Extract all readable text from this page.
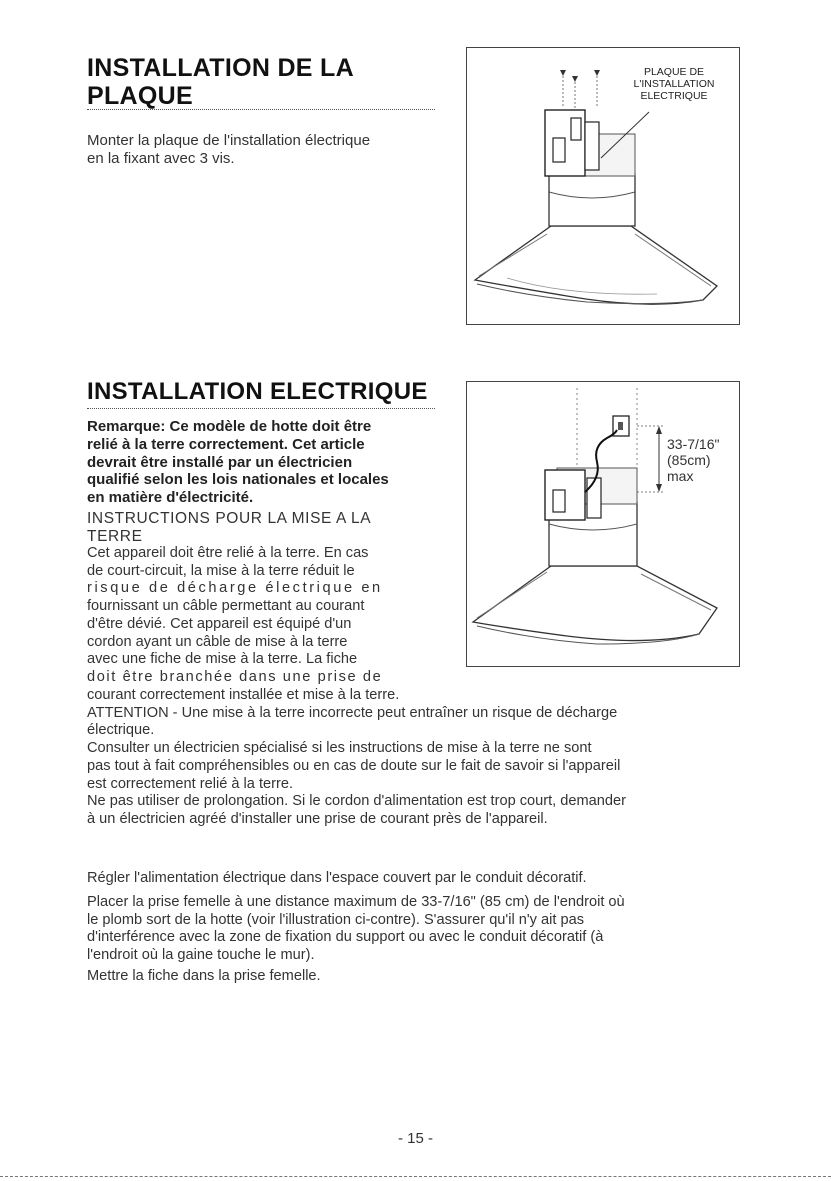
INSTALLATION DE LA
PLAQUE
Monter la plaque de l'installation électrique
en la fixant avec 3 vis.
PLAQUE DE
L'INSTALLATION
ELECTRIQUE
INSTALLATION ELECTRIQUE
Remarque: Ce modèle de hotte doit être
relié à la terre correctement. Cet article
devrait être installé par un électricien
qualifié selon les lois nationales et locales
en matière d'électricité.
INSTRUCTIONS POUR LA MISE A LA
TERRE
Cet appareil doit être relié à la terre. En cas
de court-circuit, la mise à la terre réduit le
risque de décharge électrique en
fournissant un câble permettant au courant
d'être dévié. Cet appareil est équipé d'un
cordon ayant un câble de mise à la terre
avec une fiche de mise à la terre. La fiche
doit être branchée dans une prise de
courant correctement installée et mise à la terre.
ATTENTION - Une mise à la terre incorrecte peut entraîner un risque de décharge
électrique.
Consulter un électricien spécialisé si les instructions de mise à la terre ne sont
pas tout à fait compréhensibles ou en cas de doute sur le fait de savoir si l'appareil
est correctement relié à la terre.
Ne pas utiliser de prolongation. Si le cordon d'alimentation est trop court, demander
à un électricien agréé d'installer une prise de courant près de l'appareil.
Régler l'alimentation électrique dans l'espace couvert par le conduit décoratif.
Placer la prise femelle à une distance maximum de 33-7/16" (85 cm) de l'endroit où
le plomb sort de la hotte (voir l'illustration ci-contre). S'assurer qu'il n'y ait pas
d'interférence avec la zone de fixation du support ou avec le conduit décoratif (à
l'endroit où la gaine touche le mur).
Mettre la fiche dans la prise femelle.
33-7/16"
(85cm)
max
- 15 -
